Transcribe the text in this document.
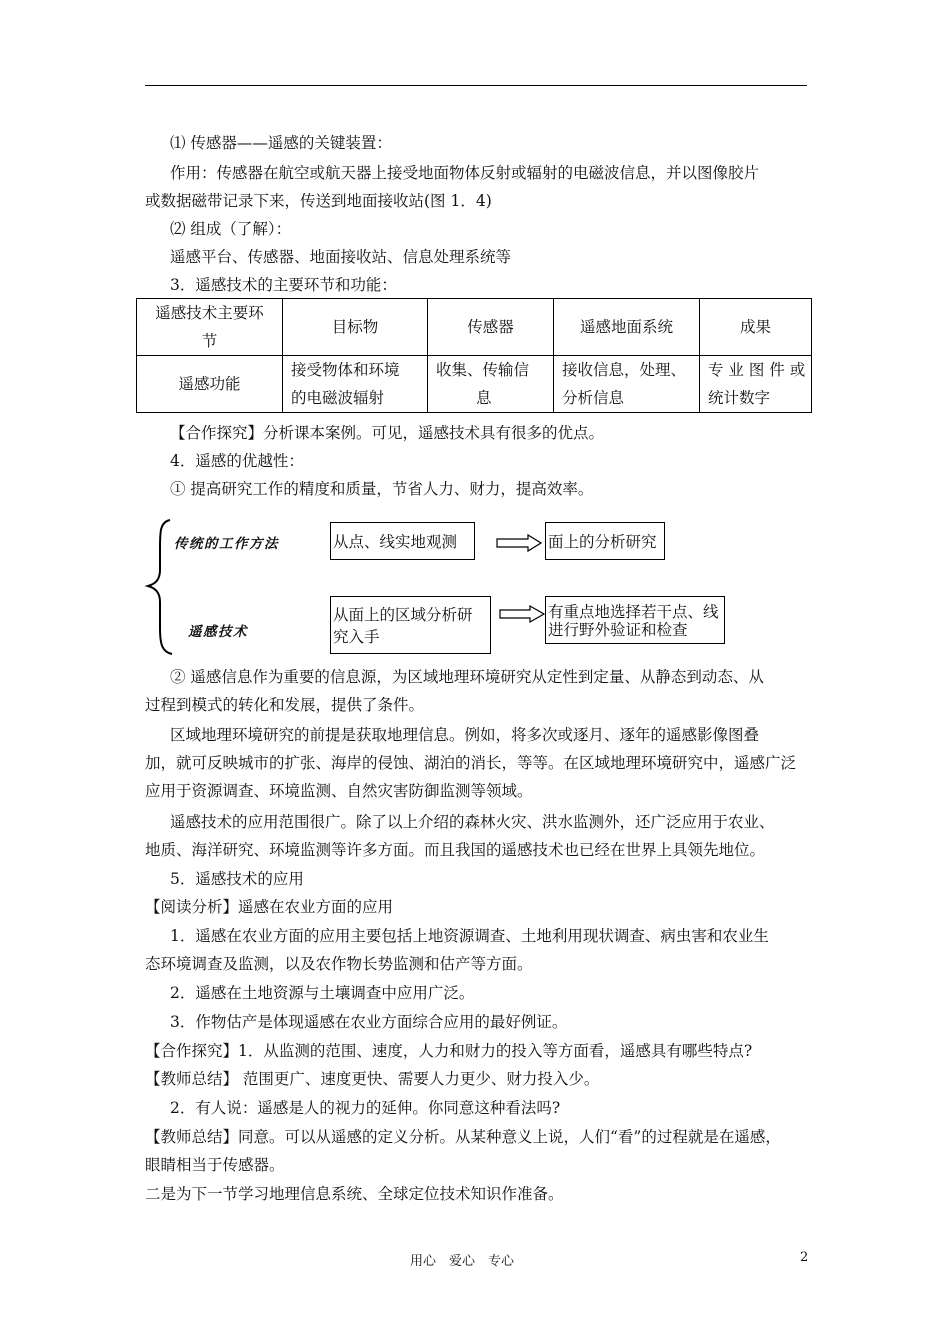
⑴ 传感器——遥感的关键装置：
作用：传感器在航空或航天器上接受地面物体反射或辐射的电磁波信息，并以图像胶片
或数据磁带记录下来，传送到地面接收站(图 1．4)
⑵ 组成（了解）：
遥感平台、传感器、地面接收站、信息处理系统等
3．遥感技术的主要环节和功能：
遥感技术主要环
节	目标物	传感器	遥感地面系统	成果
遥感功能	接受物体和环境
的电磁波辐射	收集、传输信
息	接收信息，处理、
分析信息	专 业 图 件 或
统计数字
【合作探究】分析课本案例。可见，遥感技术具有很多的优点。
4．遥感的优越性：
① 提高研究工作的精度和质量，节省人力、财力，提高效率。
传统的工作方法	从点、线实地观测	面上的分析研究
遥感技术
从面上的区域分析研
究入手
有重点地选择若干点、线
进行野外验证和检查
② 遥感信息作为重要的信息源，为区域地理环境研究从定性到定量、从静态到动态、从
过程到模式的转化和发展，提供了条件。
区域地理环境研究的前提是获取地理信息。例如，将多次或逐月、逐年的遥感影像图叠
加，就可反映城市的扩张、海岸的侵蚀、湖泊的消长，等等。在区域地理环境研究中，遥感广泛
应用于资源调查、环境监测、自然灾害防御监测等领域。
遥感技术的应用范围很广。除了以上介绍的森林火灾、洪水监测外，还广泛应用于农业、
地质、海洋研究、环境监测等许多方面。而且我国的遥感技术也已经在世界上具领先地位。
5．遥感技术的应用
【阅读分析】遥感在农业方面的应用
1．遥感在农业方面的应用主要包括上地资源调查、土地利用现状调查、病虫害和农业生
态环境调查及监测，以及农作物长势监测和估产等方面。
2．遥感在土地资源与土壤调查中应用广泛。
3．作物估产是体现遥感在农业方面综合应用的最好例证。
【合作探究】1．从监测的范围、速度，人力和财力的投入等方面看，遥感具有哪些特点?
【教师总结】 范围更广、速度更快、需要人力更少、财力投入少。
2．有人说：遥感是人的视力的延伸。你同意这种看法吗?
【教师总结】同意。可以从遥感的定义分析。从某种意义上说，人们“看”的过程就是在遥感，
眼睛相当于传感器。
二是为下一节学习地理信息系统、全球定位技术知识作准备。
用心　爱心　专心	2
